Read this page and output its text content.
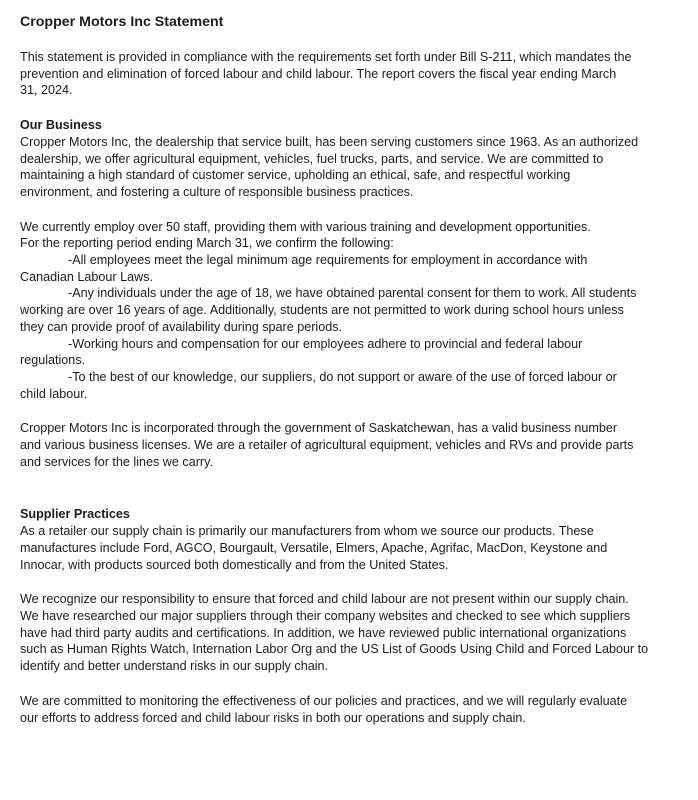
Cropper Motors Inc Statement
This statement is provided in compliance with the requirements set forth under Bill S-211, which mandates the
prevention and elimination of forced labour and child labour. The report covers the fiscal year ending March
31, 2024.
Our Business
Cropper Motors Inc, the dealership that service built, has been serving customers since 1963. As an authorized
dealership, we offer agricultural equipment, vehicles, fuel trucks, parts, and service. We are committed to
maintaining a high standard of customer service, upholding an ethical, safe, and respectful working
environment, and fostering a culture of responsible business practices.
We currently employ over 50 staff, providing them with various training and development opportunities.
For the reporting period ending March 31, we confirm the following:
-All employees meet the legal minimum age requirements for employment in accordance with
Canadian Labour Laws.
-Any individuals under the age of 18, we have obtained parental consent for them to work. All students
working are over 16 years of age. Additionally, students are not permitted to work during school hours unless
they can provide proof of availability during spare periods.
-Working hours and compensation for our employees adhere to provincial and federal labour
regulations.
-To the best of our knowledge, our suppliers, do not support or aware of the use of forced labour or
child labour.
Cropper Motors Inc is incorporated through the government of Saskatchewan, has a valid business number
and various business licenses. We are a retailer of agricultural equipment, vehicles and RVs and provide parts
and services for the lines we carry.
Supplier Practices
As a retailer our supply chain is primarily our manufacturers from whom we source our products. These
manufactures include Ford, AGCO, Bourgault, Versatile, Elmers, Apache, Agrifac, MacDon, Keystone and
Innocar, with products sourced both domestically and from the United States.
We recognize our responsibility to ensure that forced and child labour are not present within our supply chain.
We have researched our major suppliers through their company websites and checked to see which suppliers
have had third party audits and certifications. In addition, we have reviewed public international organizations
such as Human Rights Watch, Internation Labor Org and the US List of Goods Using Child and Forced Labour to
identify and better understand risks in our supply chain.
We are committed to monitoring the effectiveness of our policies and practices, and we will regularly evaluate
our efforts to address forced and child labour risks in both our operations and supply chain.
